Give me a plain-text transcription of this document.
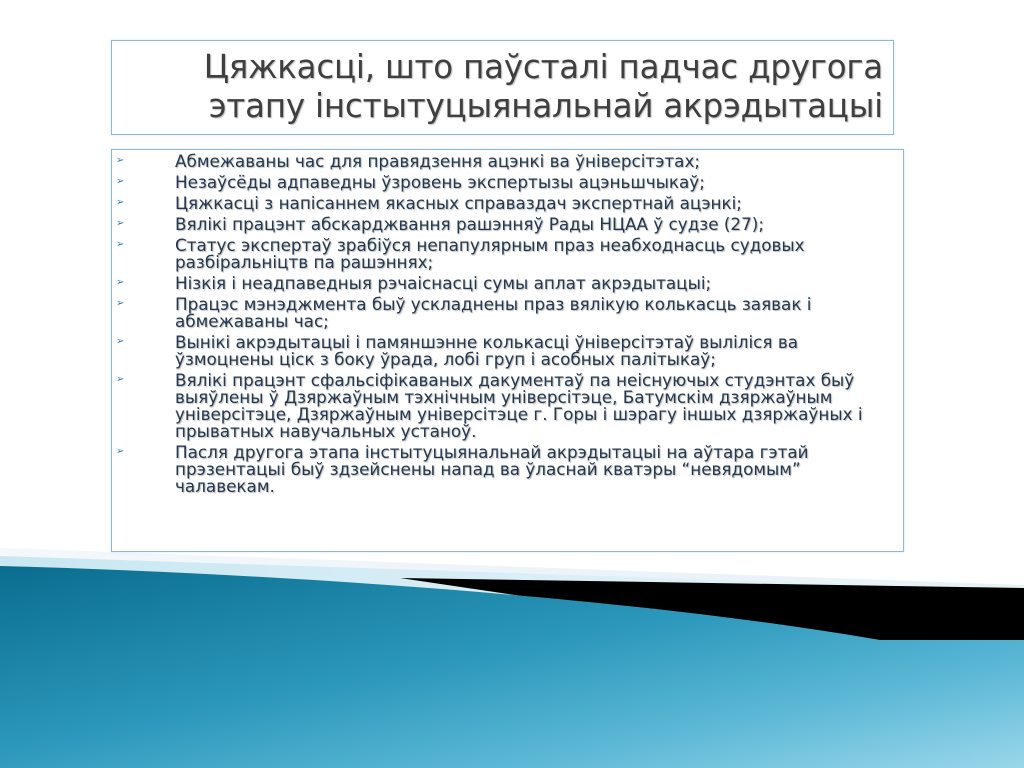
Цяжкасці, што паўсталі падчас другога этапу інстытуцыянальнай акрэдытацыі
➢	Абмежаваны час для правядзення ацэнкі ва ўніверсітэтах;
➢	Незаўсёды адпаведны ўзровень экспертызы ацэньшчыкаў;
➢	Цяжкасці з напісаннем якасных справаздач экспертнай ацэнкі;
➢	Вялікі працэнт абскарджвання рашэнняў Рады НЦАА ў судзе (27);
➢	Статус экспертаў зрабіўся непапулярным праз неабходнасць судовых разбіральніцтв па рашэннях;
➢	Нізкія і неадпаведныя рэчаіснасці сумы аплат акрэдытацыі;
➢	Працэс мэнэджмента быў ускладнены праз вялікую колькасць заявак і абмежаваны час;
➢	Вынікі акрэдытацыі і памяншэнне колькасці ўніверсітэтаў выліліся ва ўзмоцнены ціск з боку ўрада, лобі груп і асобных палітыкаў;
➢	Вялікі працэнт сфальсіфікаваных дакументаў па неіснуючых студэнтах быў выяўлены ў Дзяржаўным тэхнічным універсітэце, Батумскім дзяржаўным універсітэце, Дзяржаўным універсітэце г. Горы і шэрагу іншых дзяржаўных і прыватных навучальных устаноў.
➢	Пасля другога этапа інстытуцыянальнай акрэдытацыі на аўтара гэтай прэзентацыі быў здзейснены напад ва ўласнай кватэры “невядомым” чалавекам.
